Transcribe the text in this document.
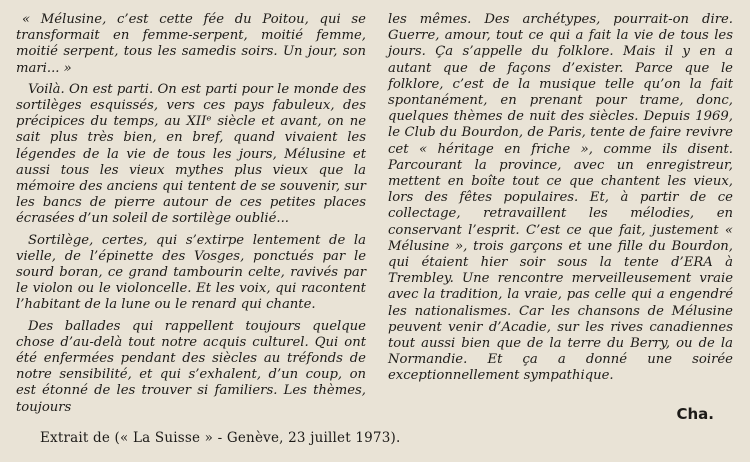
« Mélusine, c’est cette fée du Poitou, qui se transformait en femme-serpent, moitié femme, moitié serpent, tous les samedis soirs. Un jour, son mari... »

Voilà. On est parti. On est parti pour le monde des sortilèges esquissés, vers ces pays fabuleux, des précipices du temps, au XIIᵉ siècle et avant, on ne sait plus très bien, en bref, quand vivaient les légendes de la vie de tous les jours, Mélusine et aussi tous les vieux mythes plus vieux que la mémoire des anciens qui tentent de se souvenir, sur les bancs de pierre autour de ces petites places écrasées d’un soleil de sortilège oublié...

Sortilège, certes, qui s’extirpe lentement de la vielle, de l’épinette des Vosges, ponctués par le sourd boran, ce grand tambourin celte, ravivés par le violon ou le violoncelle. Et les voix, qui racontent l’habitant de la lune ou le renard qui chante.

Des ballades qui rappellent toujours quelque chose d’au-delà tout notre acquis culturel. Qui ont été enfermées pendant des siècles au tréfonds de notre sensibilité, et qui s’exhalent, d’un coup, on est étonné de les trouver si familiers. Les thèmes, toujours

les mêmes. Des archétypes, pourrait-on dire. Guerre, amour, tout ce qui a fait la vie de tous les jours. Ça s’appelle du folklore. Mais il y en a autant que de façons d’exister. Parce que le folklore, c’est de la musique telle qu’on la fait spontanément, en prenant pour trame, donc, quelques thèmes de nuit des siècles. Depuis 1969, le Club du Bourdon, de Paris, tente de faire revivre cet « héritage en friche », comme ils disent. Parcourant la province, avec un enregistreur, mettent en boîte tout ce que chantent les vieux, lors des fêtes populaires. Et, à partir de ce collectage, retravaillent les mélodies, en conservant l’esprit. C’est ce que fait, justement « Mélusine », trois garçons et une fille du Bourdon, qui étaient hier soir sous la tente d’ERA à Trembley. Une rencontre merveilleusement vraie avec la tradition, la vraie, pas celle qui a engendré les nationalismes. Car les chansons de Mélusine peuvent venir d’Acadie, sur les rives canadiennes tout aussi bien que de la terre du Berry, ou de la Normandie. Et ça a donné une soirée exceptionnellement sympathique.

Cha.
Extrait de (« La Suisse » - Genève, 23 juillet 1973).
